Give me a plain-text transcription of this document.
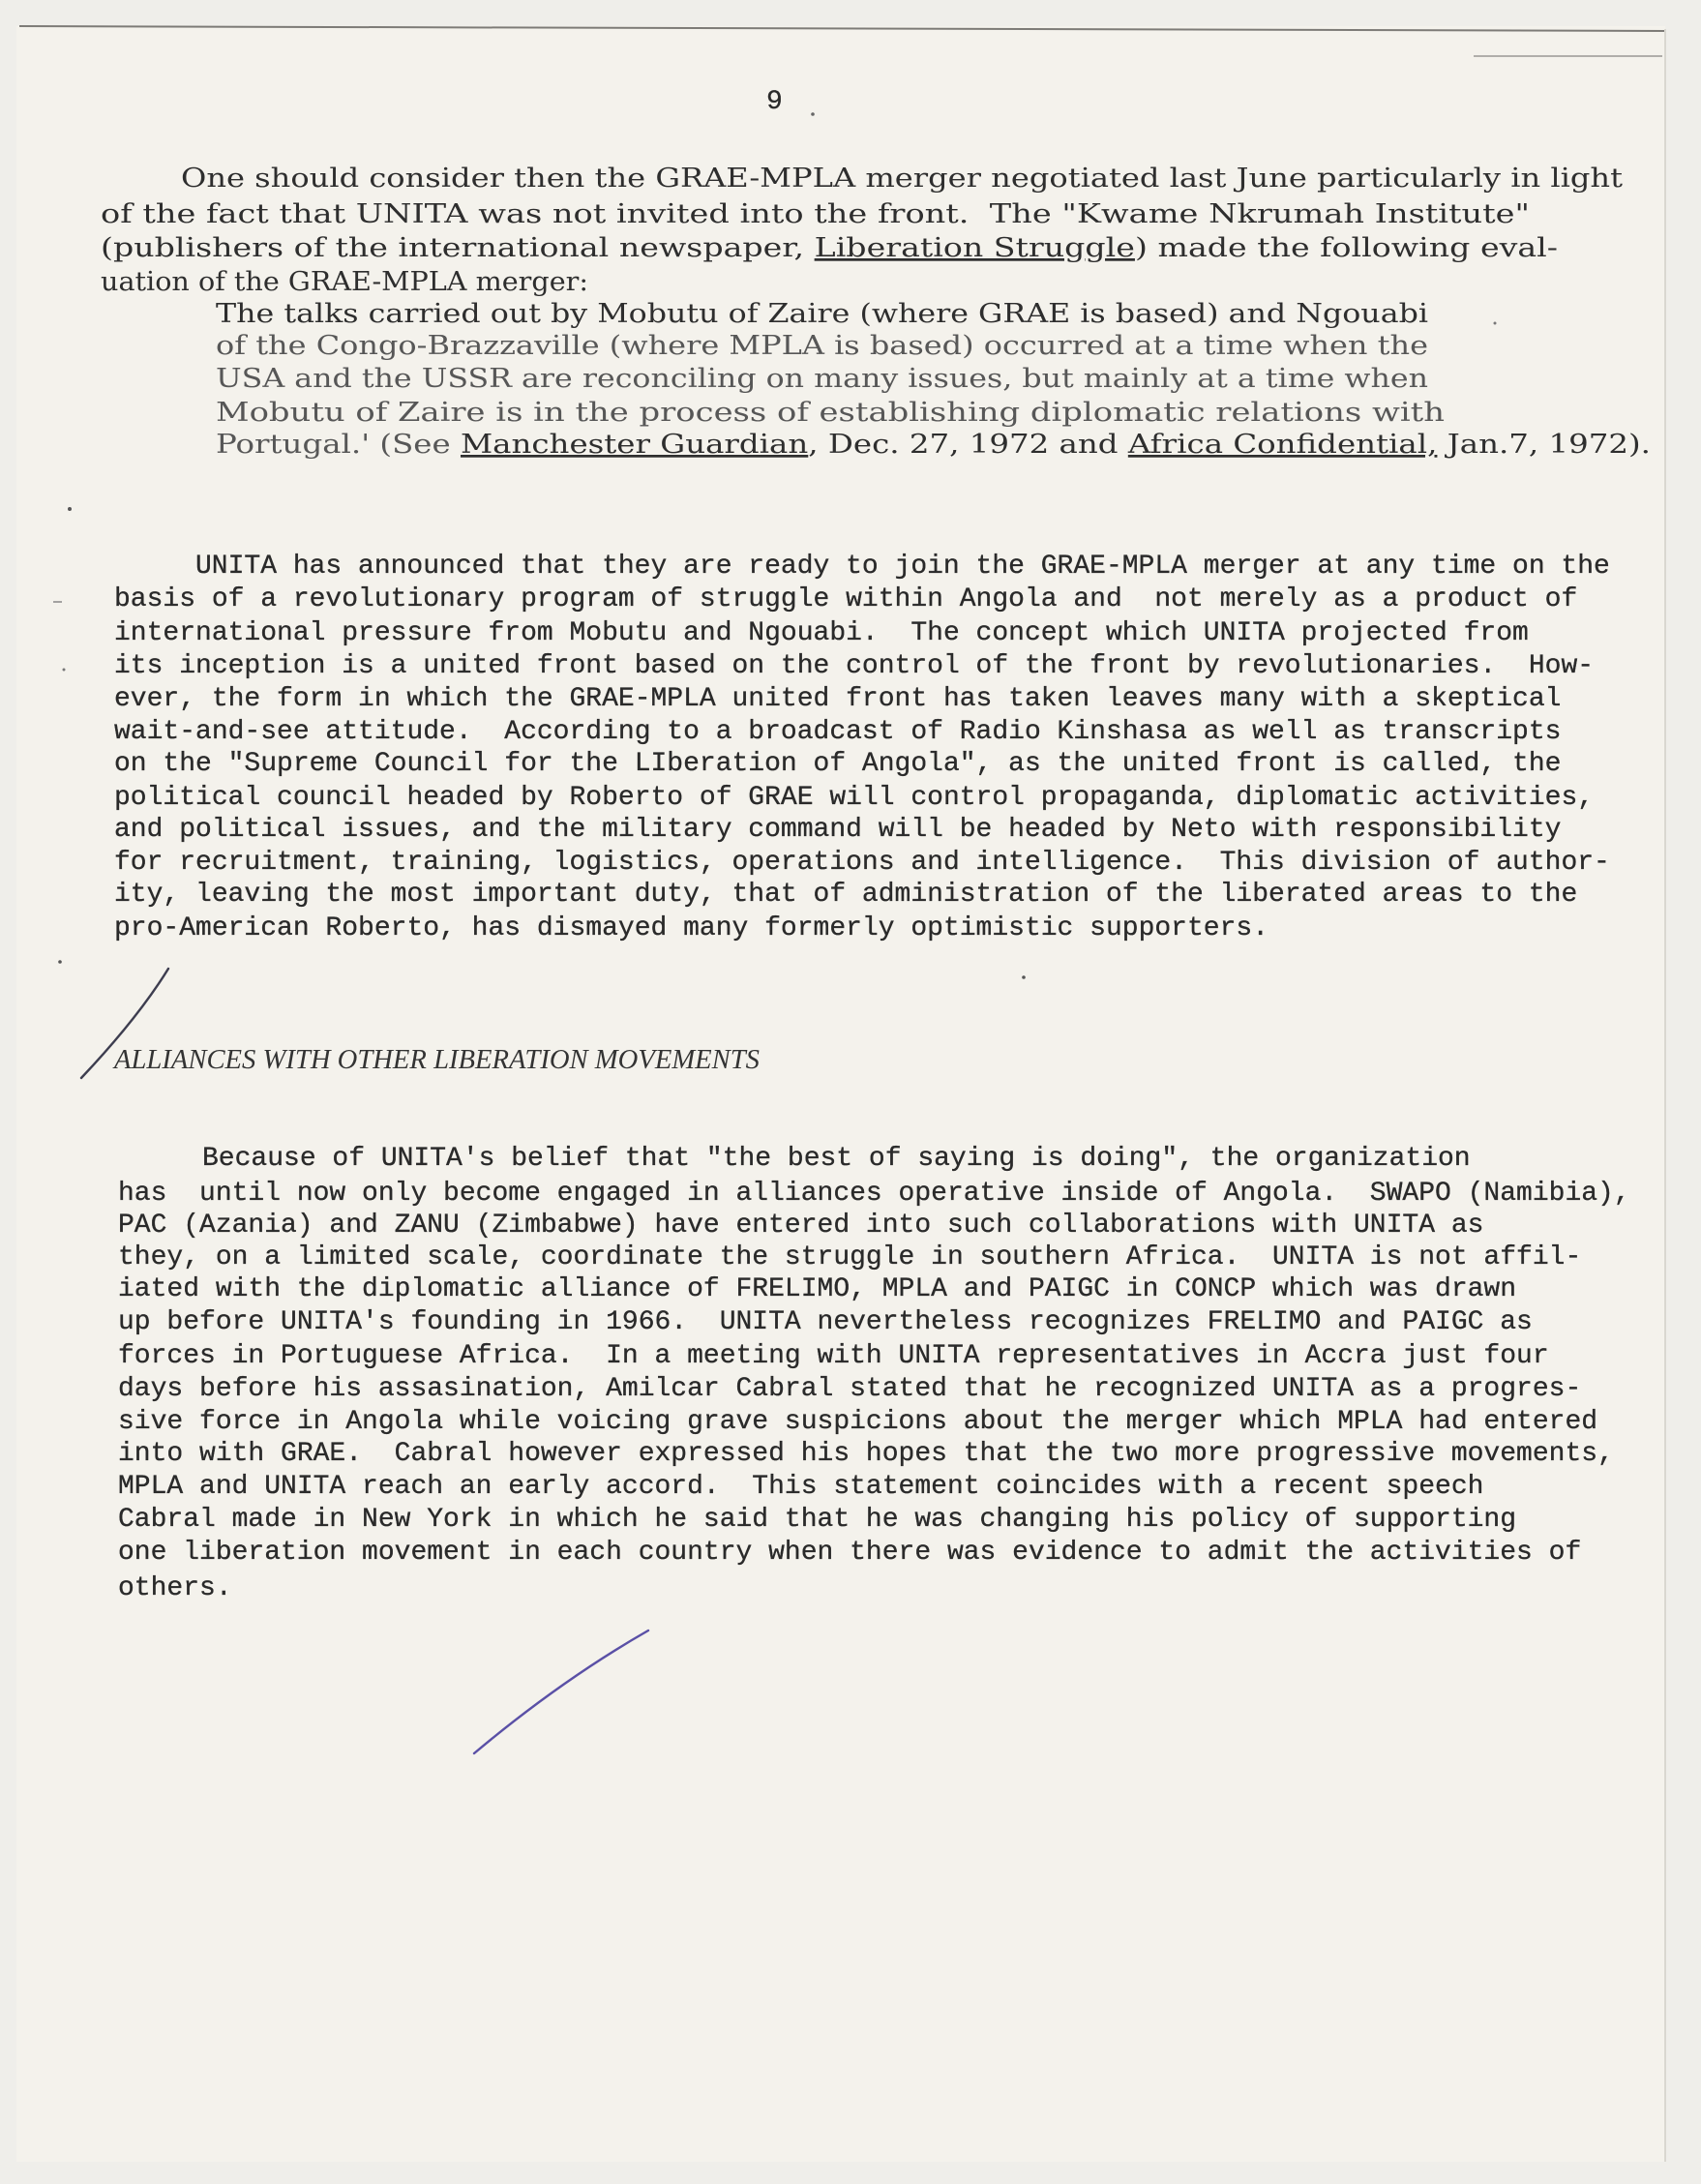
9
One should consider then the GRAE-MPLA merger negotiated last June particularly in light
of the fact that UNITA was not invited into the front.  The "Kwame Nkrumah Institute"
(publishers of the international newspaper,	Liberation Struggle ) made the following eval-
uation of the GRAE-MPLA merger:
The talks carried out by Mobutu of Zaire (where GRAE is based) and Ngouabi
of the Congo-Brazzaville (where MPLA is based) occurred at a time when the
USA and the USSR are reconciling on many issues, but mainly at a time when
Mobutu of Zaire is in the process of establishing diplomatic relations with
Portugal.' (See Manchester Guardian , Dec. 27, 1972 and Africa Confidential, Jan.7, 1972).
UNITA has announced that they are ready to join the GRAE-MPLA merger at any time on the
basis of a revolutionary program of struggle within Angola and  not merely as a product of
international pressure from Mobutu and Ngouabi.  The concept which UNITA projected from
its inception is a united front based on the control of the front by revolutionaries.  How-
ever, the form in which the GRAE-MPLA united front has taken leaves many with a skeptical
wait-and-see attitude.  According to a broadcast of Radio Kinshasa as well as transcripts
on the "Supreme Council for the LIberation of Angola", as the united front is called, the
political council headed by Roberto of GRAE will control propaganda, diplomatic activities,
and political issues, and the military command will be headed by Neto with responsibility
for recruitment, training, logistics, operations and intelligence.  This division of author-
ity, leaving the most important duty, that of administration of the liberated areas to the
pro-American Roberto, has dismayed many formerly optimistic supporters.
ALLIANCES WITH OTHER LIBERATION MOVEMENTS
Because of UNITA's belief that "the best of saying is doing", the organization
has  until now only become engaged in alliances operative inside of Angola.  SWAPO (Namibia),
PAC (Azania) and ZANU (Zimbabwe) have entered into such collaborations with UNITA as
they, on a limited scale, coordinate the struggle in southern Africa.  UNITA is not affil-
iated with the diplomatic alliance of FRELIMO, MPLA and PAIGC in CONCP which was drawn
up before UNITA's founding in 1966.  UNITA nevertheless recognizes FRELIMO and PAIGC as
forces in Portuguese Africa.  In a meeting with UNITA representatives in Accra just four
days before his assasination, Amilcar Cabral stated that he recognized UNITA as a progres-
sive force in Angola while voicing grave suspicions about the merger which MPLA had entered
into with GRAE.  Cabral however expressed his hopes that the two more progressive movements,
MPLA and UNITA reach an early accord.  This statement coincides with a recent speech
Cabral made in New York in which he said that he was changing his policy of supporting
one liberation movement in each country when there was evidence to admit the activities of
others.
